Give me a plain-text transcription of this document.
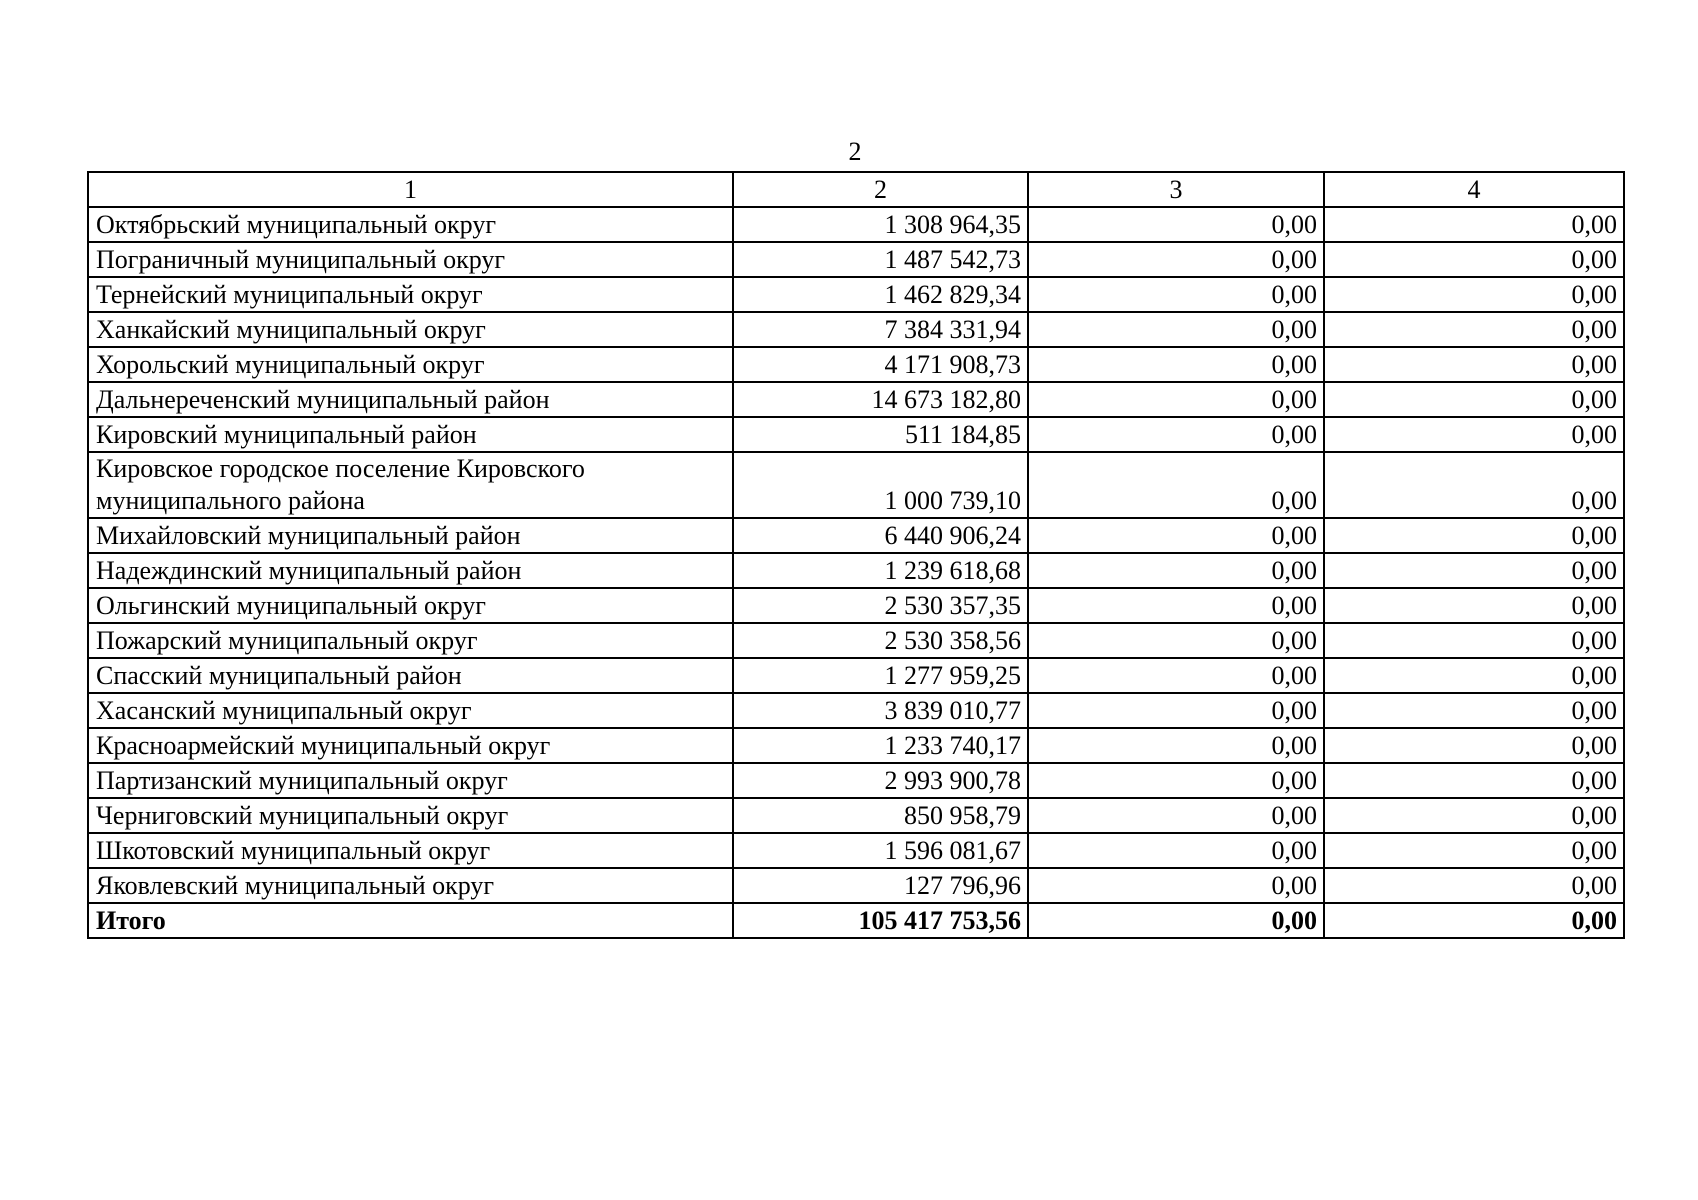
2
1	2	3	4
Октябрьский муниципальный округ	1 308 964,35	0,00	0,00
Пограничный муниципальный округ	1 487 542,73	0,00	0,00
Тернейский муниципальный округ	1 462 829,34	0,00	0,00
Ханкайский муниципальный округ	7 384 331,94	0,00	0,00
Хорольский муниципальный округ	4 171 908,73	0,00	0,00
Дальнереченский муниципальный район	14 673 182,80	0,00	0,00
Кировский муниципальный район	511 184,85	0,00	0,00
Кировское городское поселение Кировского муниципального района	1 000 739,10	0,00	0,00
Михайловский муниципальный район	6 440 906,24	0,00	0,00
Надеждинский муниципальный район	1 239 618,68	0,00	0,00
Ольгинский муниципальный округ	2 530 357,35	0,00	0,00
Пожарский муниципальный округ	2 530 358,56	0,00	0,00
Спасский муниципальный район	1 277 959,25	0,00	0,00
Хасанский муниципальный округ	3 839 010,77	0,00	0,00
Красноармейский муниципальный округ	1 233 740,17	0,00	0,00
Партизанский муниципальный округ	2 993 900,78	0,00	0,00
Черниговский муниципальный округ	850 958,79	0,00	0,00
Шкотовский муниципальный округ	1 596 081,67	0,00	0,00
Яковлевский муниципальный округ	127 796,96	0,00	0,00
Итого	105 417 753,56	0,00	0,00
